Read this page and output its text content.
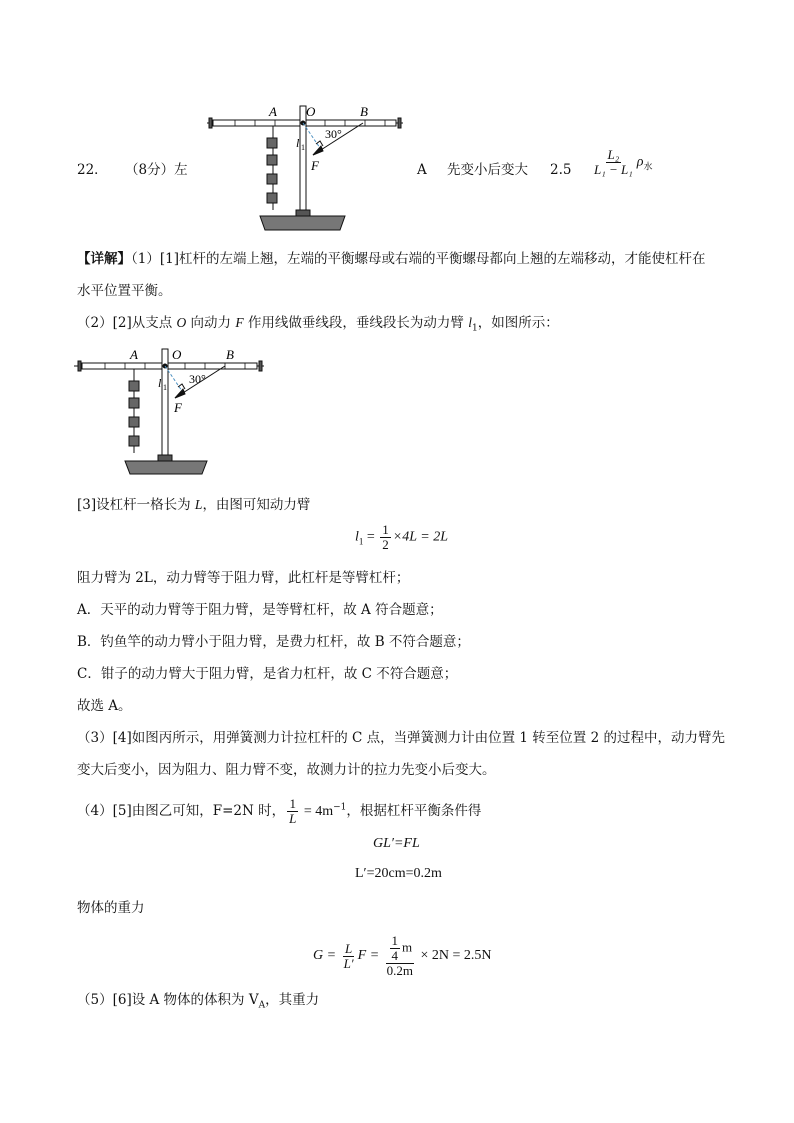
22． （8分）左	A 先变小后变大 $2.5 \frac{\text{L₂}}{\text{L₁ − L₁}} \rho_水$
A O	B
30°
l 1
F
【详解】（1）[1]杠杆的左端上翘，左端的平衡螺母或右端的平衡螺母都向上翘的左端移动，才能使杠杆在
水平位置平衡。
（2）[2]从支点 O 向动力 F 作用线做垂线段，垂线段长为动力臂 $l_1$，如图所示：
A	O	B
30°
l 1
F
[3]设杠杆一格长为 L，由图可知动力臂
$l_1 = \frac{1}{2} \times 4L = 2L$
阻力臂为 2L，动力臂等于阻力臂，此杠杆是等臂杠杆；
A．天平的动力臂等于阻力臂，是等臂杠杆，故 A 符合题意；
B．钓鱼竿的动力臂小于阻力臂，是费力杠杆，故 B 不符合题意；
C．钳子的动力臂大于阻力臂，是省力杠杆，故 C 不符合题意；
故选 A。
（3）[4]如图丙所示，用弹簧测力计拉杠杆的 C 点，当弹簧测力计由位置 1 转至位置 2 的过程中，动力臂先
变大后变小，因为阻力、阻力臂不变，故测力计的拉力先变小后变大。
（4）[5]由图乙可知，F=2N 时， $\frac{1}{L} = 4m^{-1}$，根据杠杆平衡条件得
GL′=FL
L′=20cm=0.2m
物体的重力
$G = \frac{L}{L'}$ $F = \frac{\frac{1}{4} m}{0.2m} \times 2N = 2.5N$
（5）[6]设 A 物体的体积为 $V_A$，其重力
